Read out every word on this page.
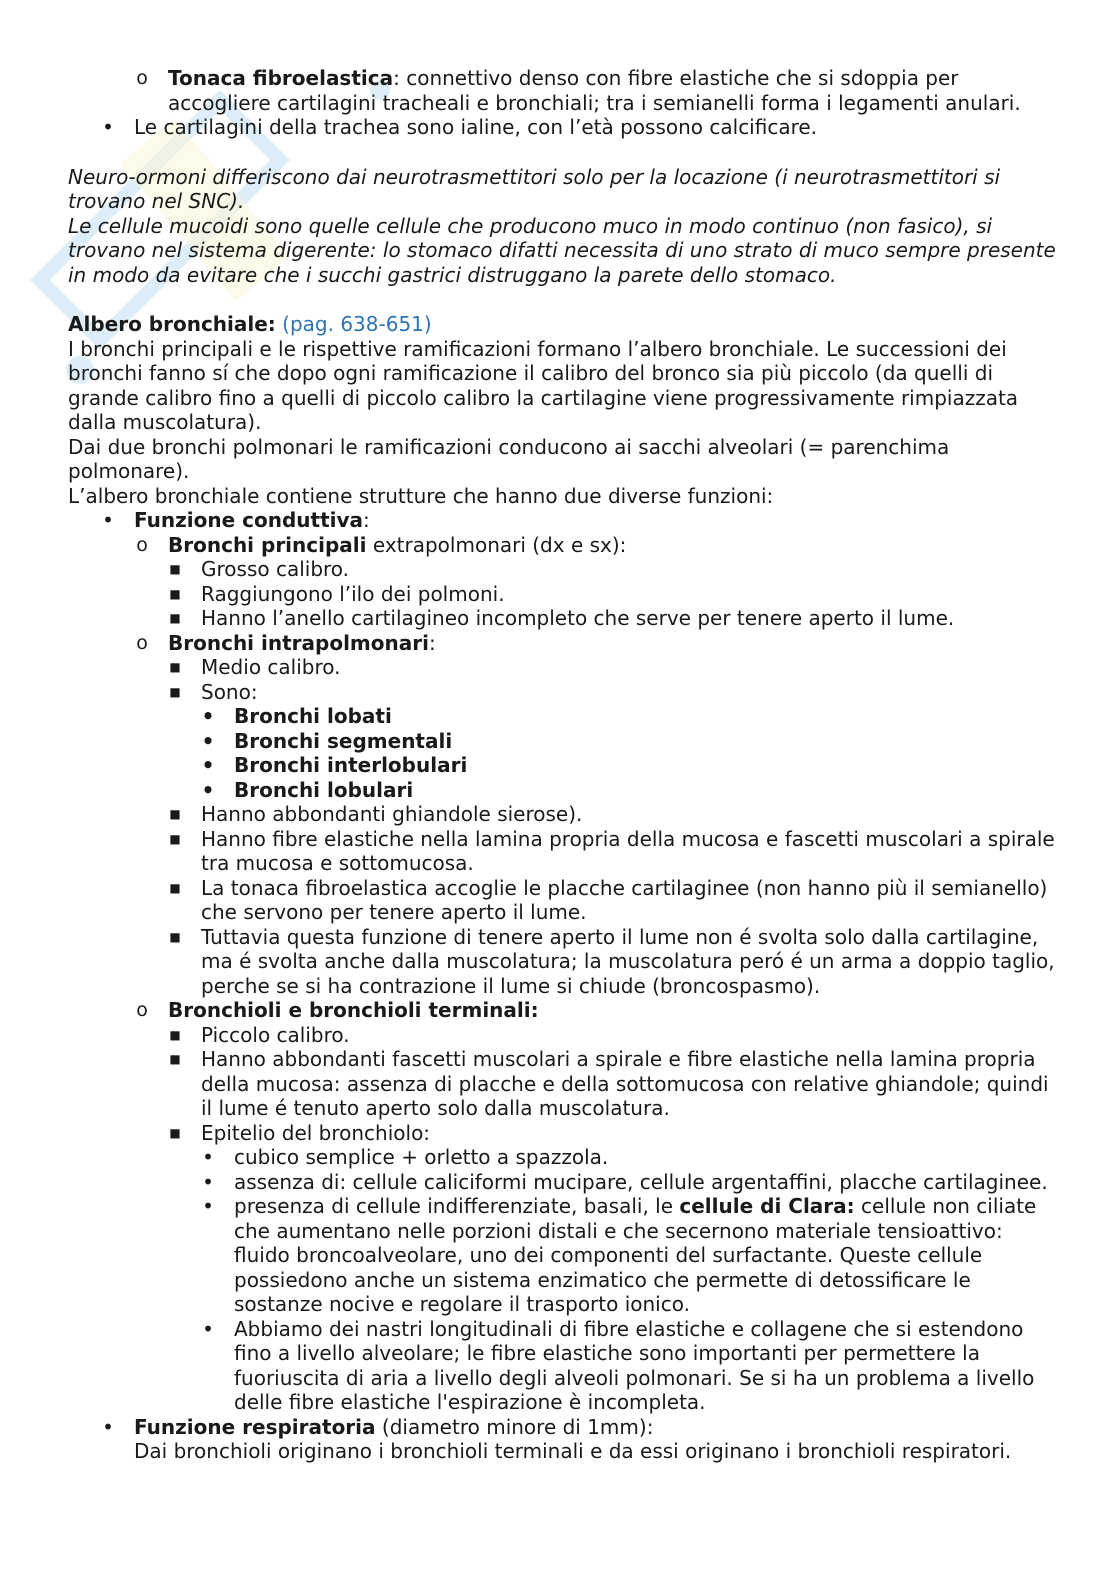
o Tonaca fibroelastica: connettivo denso con fibre elastiche che si sdoppia per accogliere cartilagini tracheali e bronchiali; tra i semianelli forma i legamenti anulari.
• Le cartilagini della trachea sono ialine, con l’età possono calcificare.

Neuro-ormoni differiscono dai neurotrasmettitori solo per la locazione (i neurotrasmettitori si trovano nel SNC).

Le cellule mucoidi sono quelle cellule che producono muco in modo continuo (non fasico), si trovano nel sistema digerente: lo stomaco difatti necessita di uno strato di muco sempre presente in modo da evitare che i succhi gastrici distruggano la parete dello stomaco.

Albero bronchiale: (pag. 638-651)

I bronchi principali e le rispettive ramificazioni formano l’albero bronchiale. Le successioni dei bronchi fanno sí che dopo ogni ramificazione il calibro del bronco sia più piccolo (da quelli di grande calibro fino a quelli di piccolo calibro la cartilagine viene progressivamente rimpiazzata dalla muscolatura).

Dai due bronchi polmonari le ramificazioni conducono ai sacchi alveolari (= parenchima polmonare).

L’albero bronchiale contiene strutture che hanno due diverse funzioni:

• Funzione conduttiva:
o Bronchi principali extrapolmonari (dx e sx):
■ Grosso calibro.
■ Raggiungono l’ilo dei polmoni.
■ Hanno l’anello cartilagineo incompleto che serve per tenere aperto il lume.
o Bronchi intrapolmonari:
■ Medio calibro.
■ Sono:
• Bronchi lobati
• Bronchi segmentali
• Bronchi interlobulari
• Bronchi lobulari
■ Hanno abbondanti ghiandole sierose).
■ Hanno fibre elastiche nella lamina propria della mucosa e fascetti muscolari a spirale tra mucosa e sottomucosa.
■ La tonaca fibroelastica accoglie le placche cartilaginee (non hanno più il semianello) che servono per tenere aperto il lume.
■ Tuttavia questa funzione di tenere aperto il lume non é svolta solo dalla cartilagine, ma é svolta anche dalla muscolatura; la muscolatura peró é un arma a doppio taglio, perche se si ha contrazione il lume si chiude (broncospasmo).
o Bronchioli e bronchioli terminali:
■ Piccolo calibro.
■ Hanno abbondanti fascetti muscolari a spirale e fibre elastiche nella lamina propria della mucosa: assenza di placche e della sottomucosa con relative ghiandole; quindi il lume é tenuto aperto solo dalla muscolatura.
■ Epitelio del bronchiolo:
• cubico semplice + orletto a spazzola.
• assenza di: cellule caliciformi mucipare, cellule argentaffini, placche cartilaginee.
• presenza di cellule indifferenziate, basali, le cellule di Clara: cellule non ciliate che aumentano nelle porzioni distali e che secernono materiale tensioattivo: fluido broncoalveolare, uno dei componenti del surfactante. Queste cellule possiedono anche un sistema enzimatico che permette di detossificare le sostanze nocive e regolare il trasporto ionico.
• Abbiamo dei nastri longitudinali di fibre elastiche e collagene che si estendono fino a livello alveolare; le fibre elastiche sono importanti per permettere la fuoriuscita di aria a livello degli alveoli polmonari. Se si ha un problema a livello delle fibre elastiche l'espirazione è incompleta.
• Funzione respiratoria (diametro minore di 1mm):
Dai bronchioli originano i bronchioli terminali e da essi originano i bronchioli respiratori.
